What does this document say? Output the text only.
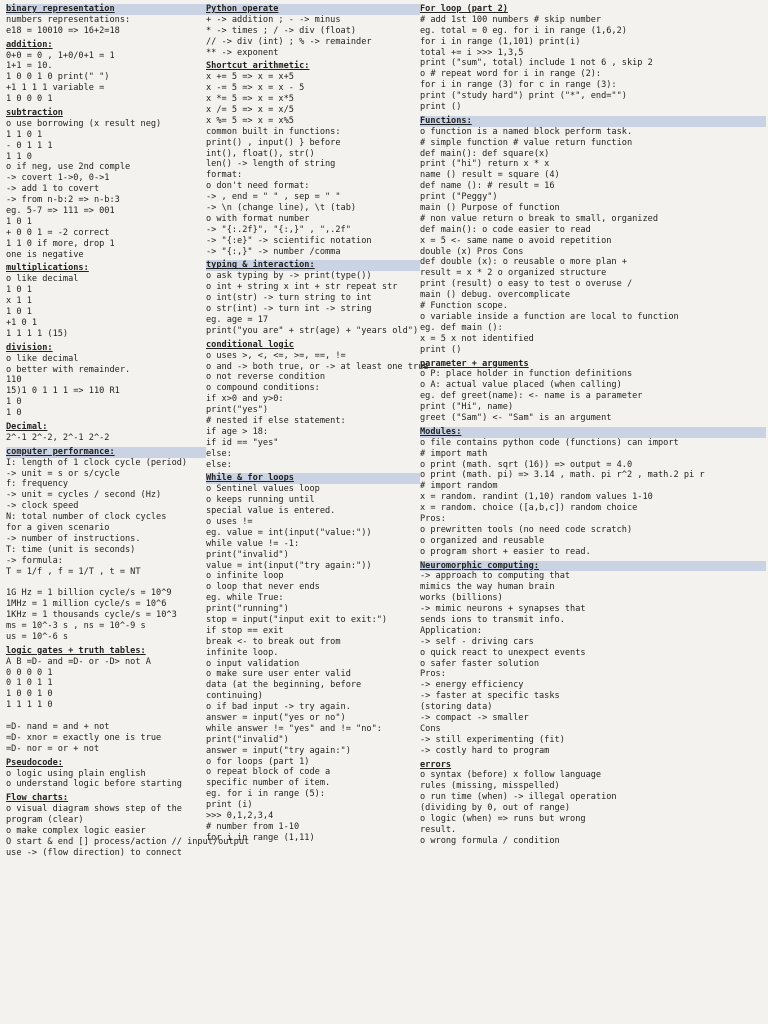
binary representation
numbers representations:
e18 = 10010 => 16+2=18
addition:
0+0 = 0 , 1+0/0+1 = 1
1+1 = 10.
1 0 0 1 0 print(" ")
+1 1 1 1 variable =
1 0 0 0 1
subtraction
o use borrowing (x result neg)
1 1 0 1
- 0 1 1 1
1 1 0
o if neg, use 2nd comple
-> covert 1->0, 0->1
-> add 1 to covert
-> from n-b:2 => n-b:3
eg. 5-7 => 111 => 001
1 0 1
+ 0 0 1 = -2 correct
1 1 0 if more, drop 1
one is negative
multiplications:
o like decimal
1 0 1
x 1 1
1 0 1
+1 0 1
1 1 1 1 (15)
division:
o like decimal
o better with remainder.
110
15)1 0 1 1 1 => 110 R1
1 0
1 0
Decimal:
2^-1 2^-2, 2^-1 2^-2
computer performance:
I: length of 1 clock cycle (period)
-> unit = s or s/cycle
f: frequency
-> unit = cycles / second (Hz)
-> clock speed
N: total number of clock cycles
for a given scenario
-> number of instructions.
T: time (unit is seconds)
-> formula:
T = 1/f , f = 1/T , t = NT
1G Hz = 1 billion cycle/s = 10^9
1MHz = 1 million cycle/s = 10^6
1KHz = 1 thousands cycle/s = 10^3
ms = 10^-3 s , ns = 10^-9 s
us = 10^-6 s
logic gates + truth tables:
A B =D- and =D- or -D> not A
0 0 0 0 1
0 1 0 1 1
1 0 0 1 0
1 1 1 1 0
=D- nand = and + not
=D- xnor = exactly one is true
=D- nor = or + not
Pseudocode:
o logic using plain english
o understand logic before starting
Flow charts:
o visual diagram shows step of the
program (clear)
o make complex logic easier
O start & end [] process/action // input/output
use -> (flow direction) to connect
Python operate
+ -> addition ; - -> minus
* -> times ; / -> div (float)
// -> div (int) ; % -> remainder
** -> exponent
Shortcut arithmetic:
x += 5 => x = x+5
x -= 5 => x = x - 5
x *= 5 => x = x*5
x /= 5 => x = x/5
x %= 5 => x = x%5
common built in functions:
print() , input() } before
int(), float(), str()
len() -> length of string
format:
o don't need format:
-> , end = " " , sep = " "
-> \n (change line), \t (tab)
o with format number
-> "{:.2f}", "{:,}" , ",.2f"
-> "{:e}" -> scientific notation
-> "{:,}" -> number /comma
typing & interaction:
o ask typing by -> print(type())
o int + string x int + str repeat str
o int(str) -> turn string to int
o str(int) -> turn int -> string
eg. age = 17
print("you are" + str(age) + "years old")
conditional logic
o uses >, <, <=, >=, ==, !=
o and -> both true, or -> at least one true
o not reverse condition
o compound conditions:
if x>0 and y>0:
print("yes")
# nested if else statement:
if age > 18:
if id == "yes"
else:
else:
While & for loops
o Sentinel values loop
o keeps running until
special value is entered.
o uses !=
eg. value = int(input("value:"))
while value != -1:
print("invalid")
value = int(input("try again:"))
o infinite loop
o loop that never ends
eg. while True:
print("running")
stop = input("input exit to exit:")
if stop == exit
break <- to break out from
infinite loop.
o input validation
o make sure user enter valid
data (at the beginning, before
continuing)
o if bad input -> try again.
answer = input("yes or no")
while answer != "yes" and != "no":
print("invalid")
answer = input("try again:")
o for loops (part 1)
o repeat block of code a
specific number of item.
eg. for i in range (5):
print (i)
>>> 0,1,2,3,4
# number from 1-10
for i in range (1,11)
For loop (part 2)
# add 1st 100 numbers # skip number
eg. total = 0 eg. for i in range (1,6,2)
for i in range (1,101) print(i)
total += i >>> 1,3,5
print ("sum", total) include 1 not 6 , skip 2
o # repeat word for i in range (2):
for i in range (3) for c in range (3):
print ("study hard") print ("*", end="")
print ()
Functions:
o function is a named block perform task.
# simple function # value return function
def main(): def square(x)
print ("hi") return x * x
name () result = square (4)
def name (): # result = 16
print ("Peggy")
main () Purpose of function
# non value return o break to small, organized
def main(): o code easier to read
x = 5 <- same name o avoid repetition
double (x) Pros Cons
def double (x): o reusable o more plan +
result = x * 2 o organized structure
print (result) o easy to test o overuse /
main () debug. overcomplicate
# Function scope.
o variable inside a function are local to function
eg. def main ():
x = 5 x not identified
print ()
parameter + arguments
o P: place holder in function definitions
o A: actual value placed (when calling)
eg. def greet(name): <- name is a parameter
print ("Hi", name)
greet ("Sam") <- "Sam" is an argument
Modules:
o file contains python code (functions) can import
# import math
o print (math. sqrt (16)) => output = 4.0
o print (math. pi) => 3.14 , math. pi r^2 , math.2 pi r
# import random
x = random. randint (1,10) random values 1-10
x = random. choice ([a,b,c]) random choice
Pros:
o prewritten tools (no need code scratch)
o organized and reusable
o program short + easier to read.
Neuromorphic computing:
-> approach to computing that
mimics the way human brain
works (billions)
-> mimic neurons + synapses that
sends ions to transmit info.
Application:
-> self - driving cars
o quick react to unexpect events
o safer faster solution
Pros:
-> energy efficiency
-> faster at specific tasks
(storing data)
-> compact -> smaller
Cons
-> still experimenting (fit)
-> costly hard to program
errors
o syntax (before) x follow language
rules (missing, misspelled)
o run time (when) -> illegal operation
(dividing by 0, out of range)
o logic (when) => runs but wrong
result.
o wrong formula / condition
